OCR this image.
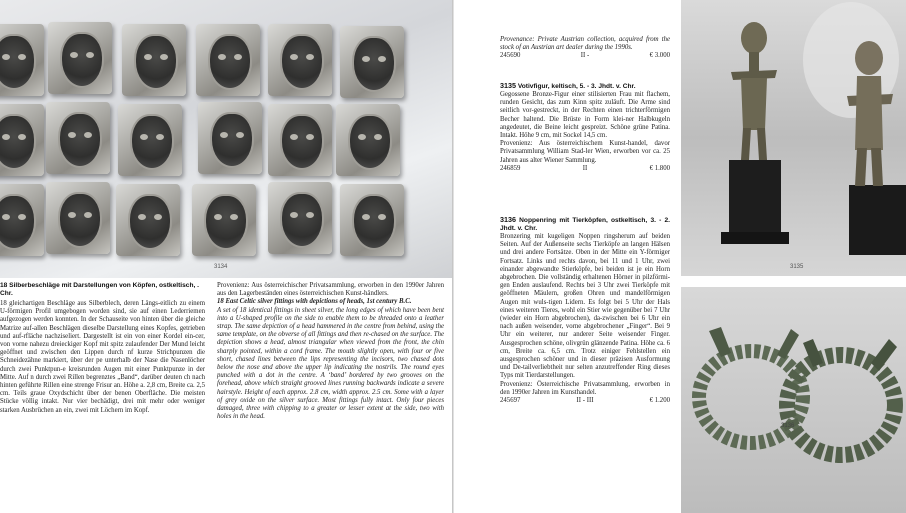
3134
18 Silberbeschläge mit Darstellungen von Köpfen, ostkeltisch, . Chr.

18 gleichartigen Beschläge aus Silberblech, deren Längs-eitlich zu einem U-förmigen Profil umgebogen worden sind, sie auf einen Lederriemen aufgezogen werden konnten. In der Schauseite von hinten über die gleiche Matrize auf-allen Beschlägen dieselbe Darstellung eines Kopfes, getrieben und auf-rfläche nachziseliert. Dargestellt ist ein von einer Kordel ein-cer, von vorne nahezu dreieckiger Kopf mit spitz zulaufender Der Mund leicht geöffnet und zwischen den Lippen durch nf kurze Strichpunzen die Schneidezähne markiert, über der pe unterhalb der Nase die Nasenlöcher durch zwei Punktpun-e kreisrunden Augen mit einer Punktpunze in der Mitte. Auf n durch zwei Rillen begrenztes „Band“, darüber deuten ch nach hinten geführte Rillen eine strenge Frisur an. Höhe a. 2,8 cm, Breite ca. 2,5 cm. Teils graue Oxydschicht über der benen Oberfläche. Die meisten Stücke völlig intakt. Nur vier bechädigt, drei mit mehr oder weniger starken Ausbrüchen an ein, zwei mit Löchern im Kopf.

Provenienz: Aus österreichischer Privatsammlung, erworben in den 1990er Jahren aus den Lagerbeständen eines österreichischen Kunst-händlers.

18 East Celtic silver fittings with depictions of heads, 1st century B.C.

A set of 18 identical fittings in sheet silver, the long edges of which have been bent into a U-shaped profile on the side to enable them to be threaded onto a leather strap. The same depiction of a head hammered in the centre from behind, using the same template, on the obverse of all fittings and then re-chased on the surface. The depiction shows a head, almost triangular when viewed from the front, the chin sharply pointed, within a cord frame. The mouth slightly open, with four or five short, chased lines between the lips representing the incisors, two chased dots below the nose and above the upper lip indicating the nostrils. The round eyes punched with a dot in the centre. A ‘band’ bordered by two grooves on the forehead, above which straight grooved lines running backwards indicate a severe hairstyle. Height of each approx. 2.8 cm, width approx. 2.5 cm. Some with a layer of grey oxide on the silver surface. Most fittings fully intact. Only four pieces damaged, three with chipping to a greater or lesser extent at the side, two with holes in the head.

Provenance: Private Austrian collection, acquired from the stock of an Austrian art dealer during the 1990s.

245690	II -	€ 3.000

3135 Votivfigur, keltisch, 5. - 3. Jhdt. v. Chr.

Gegossene Bronze-Figur einer stilisierten Frau mit flachem, runden Gesicht, das zum Kinn spitz zuläuft. Die Arme sind seitlich vor-gestreckt, in der Rechten einen trichterförmigen Becher haltend. Die Brüste in Form klei-ner Halbkugeln angedeutet, die Beine leicht gespreizt. Schöne grüne Patina. Intakt. Höhe 9 cm, mit Sockel 14,5 cm.

Provenienz: Aus österreichischem Kunst-handel, davor Privatsammlung William Stad-ler Wien, erworben vor ca. 25 Jahren aus alter Wiener Sammlung.

246859	II	€ 1.800

3136 Noppenring mit Tierköpfen, ostkeltisch, 3. - 2. Jhdt. v. Chr.

Bronzering mit kugeligen Noppen ringsherum auf beiden Seiten. Auf der Außenseite sechs Tierköpfe an langen Hälsen und drei andere Fortsätze. Oben in der Mitte ein Y-förmiger Fortsatz. Links und rechts davon, bei 11 und 1 Uhr, zwei einander abgewandte Stierköpfe, bei beiden ist je ein Horn abgebrochen. Die vollständig erhaltenen Hörner in pilzförmi-gen Enden auslaufend. Rechts bei 3 Uhr zwei Tierköpfe mit geöffneten Mäulern, großen Ohren und mandelförmigen Augen mit wuls-tigen Lidern. Es folgt bei 5 Uhr der Hals eines weiteren Tieres, wohl ein Stier wie gegenüber bei 7 Uhr (wieder ein Horn abgebrochen), da-zwischen bei 6 Uhr ein nach außen weisender, vorne abgebrochener „Finger“. Bei 9 Uhr ein weiterer, nur anderer Seite weisender Finger. Ausgesprochen schöne, olivgrün glänzende Patina. Höhe ca. 6 cm, Breite ca. 6,5 cm. Trotz einiger Fehlstellen ein ausgesprochen schöner und in dieser präzisen Ausformung und De-tailverliebtheit nur selten anzutreffender Ring dieses Typs mit Tierdarstellungen.

Provenienz: Österreichische Privatsammlung, erworben in den 1990er Jahren im Kunsthandel.

245697	II - III	€ 1.200
3135
3136
